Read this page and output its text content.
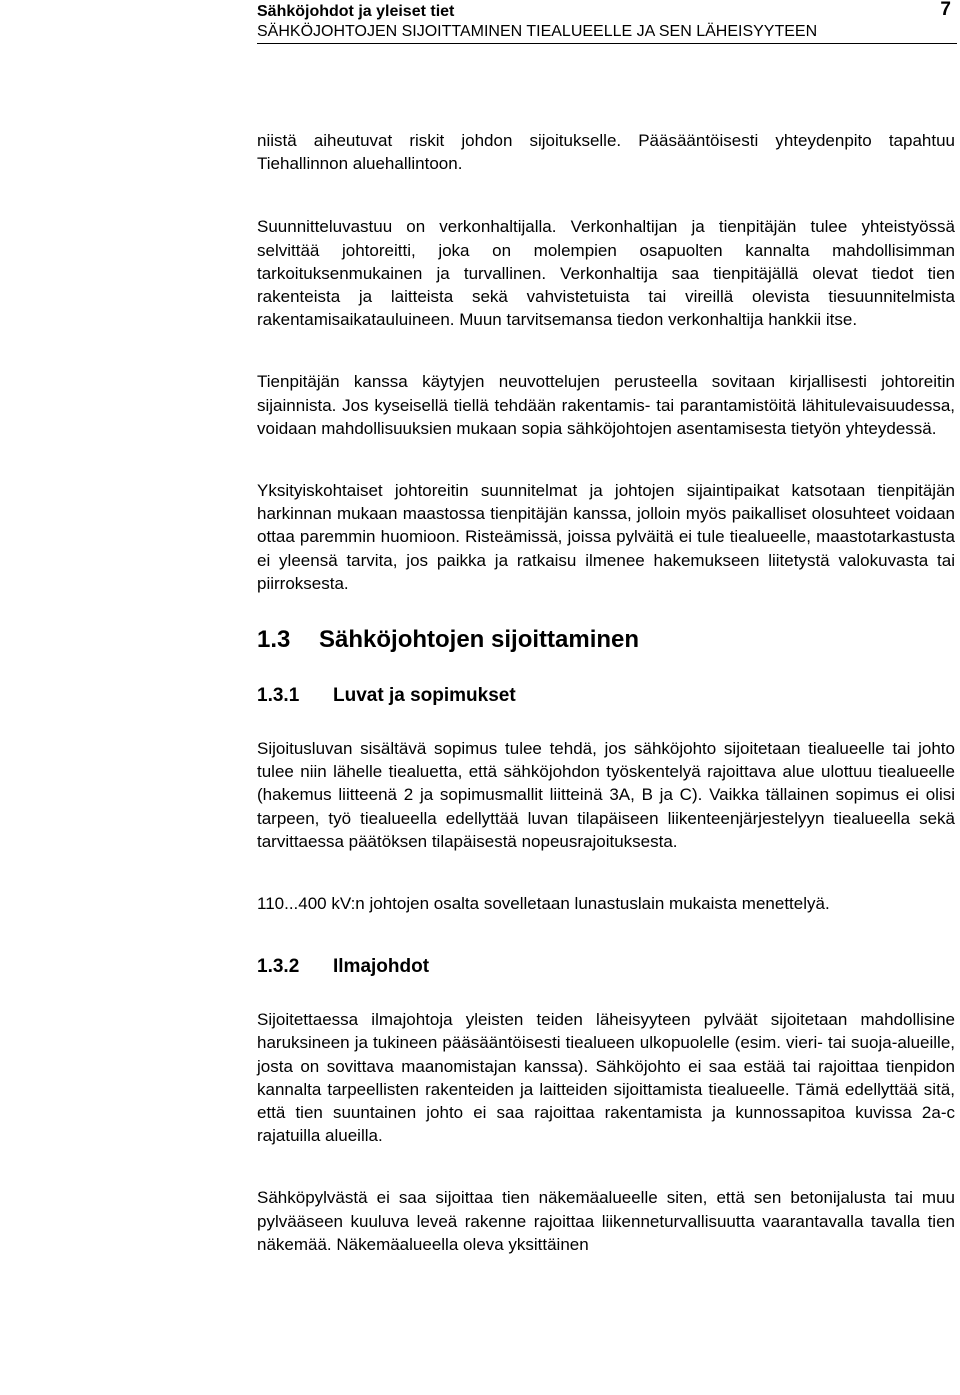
Sähköjohdot ja yleiset tiet
SÄHKÖJOHTOJEN SIJOITTAMINEN TIEALUEELLE JA SEN LÄHEISYYTEEN
7

niistä aiheutuvat riskit johdon sijoitukselle. Pääsääntöisesti yhteydenpito tapahtuu Tiehallinnon aluehallintoon.

Suunnitteluvastuu on verkonhaltijalla. Verkonhaltijan ja tienpitäjän tulee yhteistyössä selvittää johtoreitti, joka on molempien osapuolten kannalta mahdollisimman tarkoituksenmukainen ja turvallinen. Verkonhaltija saa tienpitäjällä olevat tiedot tien rakenteista ja laitteista sekä vahvistetuista tai vireillä olevista tiesuunnitelmista rakentamisaikatauluineen. Muun tarvitsemansa tiedon verkonhaltija hankkii itse.

Tienpitäjän kanssa käytyjen neuvottelujen perusteella sovitaan kirjallisesti johtoreitin sijainnista. Jos kyseisellä tiellä tehdään rakentamis- tai parantamistöitä lähitulevaisuudessa, voidaan mahdollisuuksien mukaan sopia sähköjohtojen asentamisesta tietyön yhteydessä.

Yksityiskohtaiset johtoreitin suunnitelmat ja johtojen sijaintipaikat katsotaan tienpitäjän harkinnan mukaan maastossa tienpitäjän kanssa, jolloin myös paikalliset olosuhteet voidaan ottaa paremmin huomioon. Risteämissä, joissa pylväitä ei tule tiealueelle, maastotarkastusta ei yleensä tarvita, jos paikka ja ratkaisu ilmenee hakemukseen liitetystä valokuvasta tai piirroksesta.

1.3 Sähköjohtojen sijoittaminen
1.3.1 Luvat ja sopimukset

Sijoitusluvan sisältävä sopimus tulee tehdä, jos sähköjohto sijoitetaan tiealueelle tai johto tulee niin lähelle tiealuetta, että sähköjohdon työskentelyä rajoittava alue ulottuu tiealueelle (hakemus liitteenä 2 ja sopimusmallit liitteinä 3A, B ja C). Vaikka tällainen sopimus ei olisi tarpeen, työ tiealueella edellyttää luvan tilapäiseen liikenteenjärjestelyyn tiealueella sekä tarvittaessa päätöksen tilapäisestä nopeusrajoituksesta.

110...400 kV:n johtojen osalta sovelletaan lunastuslain mukaista menettelyä.

1.3.2 Ilmajohdot

Sijoitettaessa ilmajohtoja yleisten teiden läheisyyteen pylväät sijoitetaan mahdollisine haruksineen ja tukineen pääsääntöisesti tiealueen ulkopuolelle (esim. vieri- tai suoja-alueille, josta on sovittava maanomistajan kanssa). Sähköjohto ei saa estää tai rajoittaa tienpidon kannalta tarpeellisten rakenteiden ja laitteiden sijoittamista tiealueelle. Tämä edellyttää sitä, että tien suuntainen johto ei saa rajoittaa rakentamista ja kunnossapitoa kuvissa 2a-c rajatuilla alueilla.

Sähköpylvästä ei saa sijoittaa tien näkemäalueelle siten, että sen betonijalusta tai muu pylvääseen kuuluva leveä rakenne rajoittaa liikenneturvallisuutta vaarantavalla tavalla tien näkemää. Näkemäalueella oleva yksittäinen
